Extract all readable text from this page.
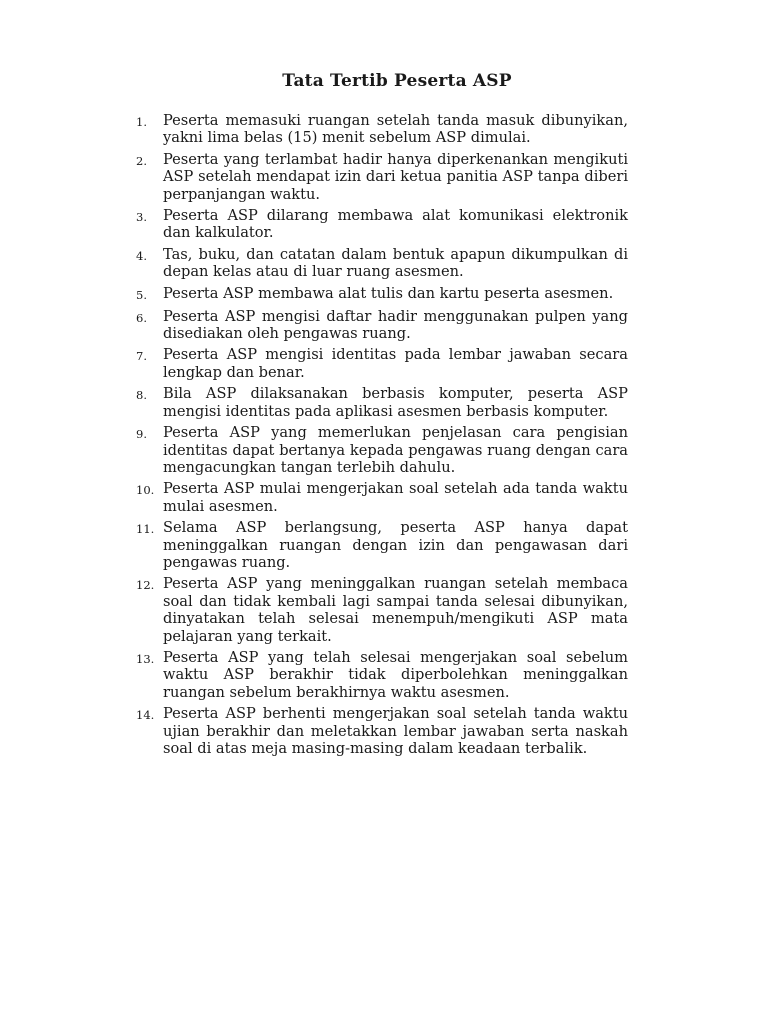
Tata Tertib Peserta ASP
1.	Peserta memasuki ruangan setelah tanda masuk dibunyikan, yakni lima belas (15) menit sebelum ASP dimulai.
2.	Peserta yang terlambat hadir hanya diperkenankan mengikuti ASP setelah mendapat izin dari ketua panitia ASP tanpa diberi perpanjangan waktu.
3.	Peserta ASP dilarang membawa alat komunikasi elektronik dan kalkulator.
4.	Tas, buku, dan catatan dalam bentuk apapun dikumpulkan di depan kelas atau di luar ruang asesmen.
5.	Peserta ASP membawa alat tulis dan kartu peserta asesmen.
6.	Peserta ASP mengisi daftar hadir menggunakan pulpen yang disediakan oleh pengawas ruang.
7.	Peserta ASP mengisi identitas pada lembar jawaban secara lengkap dan benar.
8.	Bila ASP dilaksanakan berbasis komputer, peserta ASP mengisi identitas pada aplikasi asesmen berbasis komputer.
9.	Peserta ASP yang memerlukan penjelasan cara pengisian identitas dapat bertanya kepada pengawas ruang dengan cara mengacungkan tangan terlebih dahulu.
10. Peserta ASP mulai mengerjakan soal setelah ada tanda waktu mulai asesmen.
11. Selama ASP berlangsung, peserta ASP hanya dapat meninggalkan ruangan dengan izin dan pengawasan dari pengawas ruang.
12. Peserta ASP yang meninggalkan ruangan setelah membaca soal dan tidak kembali lagi sampai tanda selesai dibunyikan, dinyatakan telah selesai menempuh/mengikuti ASP mata pelajaran yang terkait.
13. Peserta ASP yang telah selesai mengerjakan soal sebelum waktu ASP berakhir tidak diperbolehkan meninggalkan ruangan sebelum berakhirnya waktu asesmen.
14. Peserta ASP berhenti mengerjakan soal setelah tanda waktu ujian berakhir dan meletakkan lembar jawaban serta naskah soal di atas meja masing-masing dalam keadaan terbalik.
